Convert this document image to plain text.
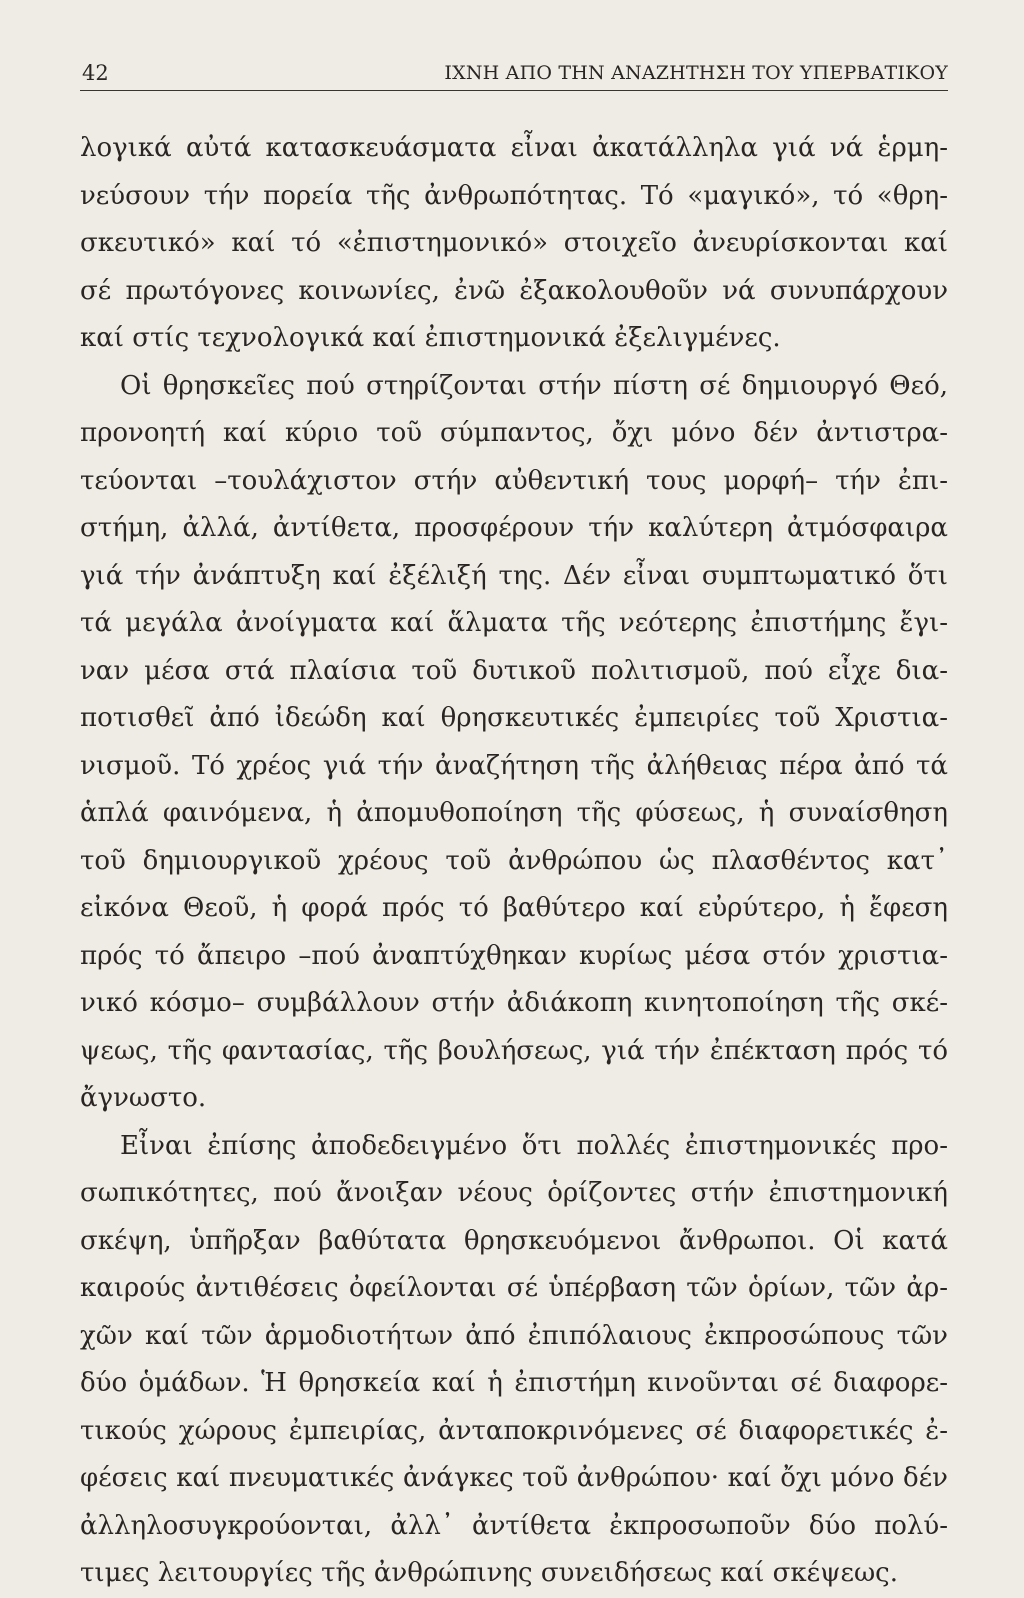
42	ΙΧΝΗ ΑΠΟ ΤΗΝ ΑΝΑΖΗΤΗΣΗ ΤΟΥ ΥΠΕΡΒΑΤΙΚΟΥ
λογικά αὐτά κατασκευάσματα εἶναι ἀκατάλληλα γιά νά ἑρμη-
νεύσουν τήν πορεία τῆς ἀνθρωπότητας. Τό «μαγικό», τό «θρη-
σκευτικό» καί τό «ἐπιστημονικό» στοιχεῖο ἀνευρίσκονται καί
σέ πρωτόγονες κοινωνίες, ἐνῶ ἐξακολουθοῦν νά συνυπάρχουν
καί στίς τεχνολογικά καί ἐπιστημονικά ἐξελιγμένες.
Οἱ θρησκεῖες πού στηρίζονται στήν πίστη σέ δημιουργό Θεό,
προνοητή καί κύριο τοῦ σύμπαντος, ὄχι μόνο δέν ἀντιστρα-
τεύονται –τουλάχιστον στήν αὐθεντική τους μορφή– τήν ἐπι-
στήμη, ἀλλά, ἀντίθετα, προσφέρουν τήν καλύτερη ἀτμόσφαιρα
γιά τήν ἀνάπτυξη καί ἐξέλιξή της. Δέν εἶναι συμπτωματικό ὅτι
τά μεγάλα ἀνοίγματα καί ἅλματα τῆς νεότερης ἐπιστήμης ἔγι-
ναν μέσα στά πλαίσια τοῦ δυτικοῦ πολιτισμοῦ, πού εἶχε δια-
ποτισθεῖ ἀπό ἰδεώδη καί θρησκευτικές ἐμπειρίες τοῦ Χριστια-
νισμοῦ. Τό χρέος γιά τήν ἀναζήτηση τῆς ἀλήθειας πέρα ἀπό τά
ἁπλά φαινόμενα, ἡ ἀπομυθοποίηση τῆς φύσεως, ἡ συναίσθηση
τοῦ δημιουργικοῦ χρέους τοῦ ἀνθρώπου ὡς πλασθέντος κατ᾽
εἰκόνα Θεοῦ, ἡ φορά πρός τό βαθύτερο καί εὐρύτερο, ἡ ἔφεση
πρός τό ἄπειρο –πού ἀναπτύχθηκαν κυρίως μέσα στόν χριστια-
νικό κόσμο– συμβάλλουν στήν ἀδιάκοπη κινητοποίηση τῆς σκέ-
ψεως, τῆς φαντασίας, τῆς βουλήσεως, γιά τήν ἐπέκταση πρός τό
ἄγνωστο.
Εἶναι ἐπίσης ἀποδεδειγμένο ὅτι πολλές ἐπιστημονικές προ-
σωπικότητες, πού ἄνοιξαν νέους ὁρίζοντες στήν ἐπιστημονική
σκέψη, ὑπῆρξαν βαθύτατα θρησκευόμενοι ἄνθρωποι. Οἱ κατά
καιρούς ἀντιθέσεις ὀφείλονται σέ ὑπέρβαση τῶν ὁρίων, τῶν ἀρ-
χῶν καί τῶν ἁρμοδιοτήτων ἀπό ἐπιπόλαιους ἐκπροσώπους τῶν
δύο ὁμάδων. Ἡ θρησκεία καί ἡ ἐπιστήμη κινοῦνται σέ διαφορε-
τικούς χώρους ἐμπειρίας, ἀνταποκρινόμενες σέ διαφορετικές ἐ-
φέσεις καί πνευματικές ἀνάγκες τοῦ ἀνθρώπου· καί ὄχι μόνο δέν
ἀλληλοσυγκρούονται, ἀλλ᾽ ἀντίθετα ἐκπροσωποῦν δύο πολύ-
τιμες λειτουργίες τῆς ἀνθρώπινης συνειδήσεως καί σκέψεως.
